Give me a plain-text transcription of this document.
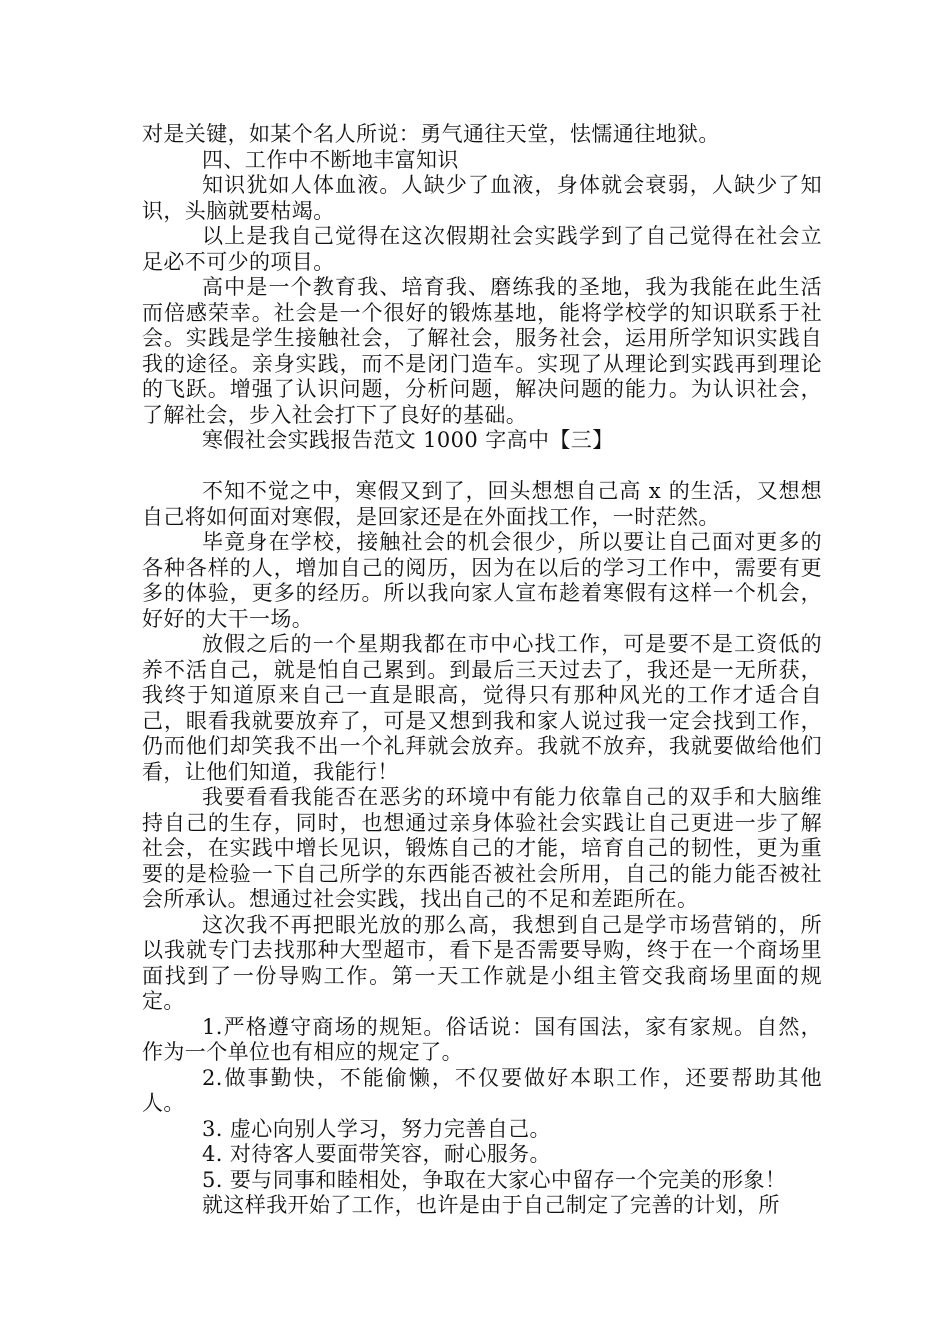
对是关键，如某个名人所说：勇气通往天堂，怯懦通往地狱。

四、工作中不断地丰富知识

知识犹如人体血液。人缺少了血液，身体就会衰弱，人缺少了知识，头脑就要枯竭。

以上是我自己觉得在这次假期社会实践学到了自己觉得在社会立足必不可少的项目。

高中是一个教育我、培育我、磨练我的圣地，我为我能在此生活而倍感荣幸。社会是一个很好的锻炼基地，能将学校学的知识联系于社会。实践是学生接触社会，了解社会，服务社会，运用所学知识实践自我的途径。亲身实践，而不是闭门造车。实现了从理论到实践再到理论的飞跃。增强了认识问题，分析问题，解决问题的能力。为认识社会，了解社会，步入社会打下了良好的基础。

寒假社会实践报告范文 1000 字高中【三】

不知不觉之中，寒假又到了，回头想想自己高 x 的生活，又想想自己将如何面对寒假，是回家还是在外面找工作，一时茫然。

毕竟身在学校，接触社会的机会很少，所以要让自己面对更多的各种各样的人，增加自己的阅历，因为在以后的学习工作中，需要有更多的体验，更多的经历。所以我向家人宣布趁着寒假有这样一个机会，好好的大干一场。

放假之后的一个星期我都在市中心找工作，可是要不是工资低的养不活自己，就是怕自己累到。到最后三天过去了，我还是一无所获，我终于知道原来自己一直是眼高，觉得只有那种风光的工作才适合自己，眼看我就要放弃了，可是又想到我和家人说过我一定会找到工作，仍而他们却笑我不出一个礼拜就会放弃。我就不放弃，我就要做给他们看，让他们知道，我能行！

我要看看我能否在恶劣的环境中有能力依靠自己的双手和大脑维持自己的生存，同时，也想通过亲身体验社会实践让自己更进一步了解社会，在实践中增长见识，锻炼自己的才能，培育自己的韧性，更为重要的是检验一下自己所学的东西能否被社会所用，自己的能力能否被社会所承认。想通过社会实践，找出自己的不足和差距所在。

这次我不再把眼光放的那么高，我想到自己是学市场营销的，所以我就专门去找那种大型超市，看下是否需要导购，终于在一个商场里面找到了一份导购工作。第一天工作就是小组主管交我商场里面的规定。

1.严格遵守商场的规矩。俗话说：国有国法，家有家规。自然，作为一个单位也有相应的规定了。

2.做事勤快，不能偷懒，不仅要做好本职工作，还要帮助其他人。

3. 虚心向别人学习，努力完善自己。

4. 对待客人要面带笑容，耐心服务。

5. 要与同事和睦相处，争取在大家心中留存一个完美的形象！

就这样我开始了工作，也许是由于自己制定了完善的计划，所
